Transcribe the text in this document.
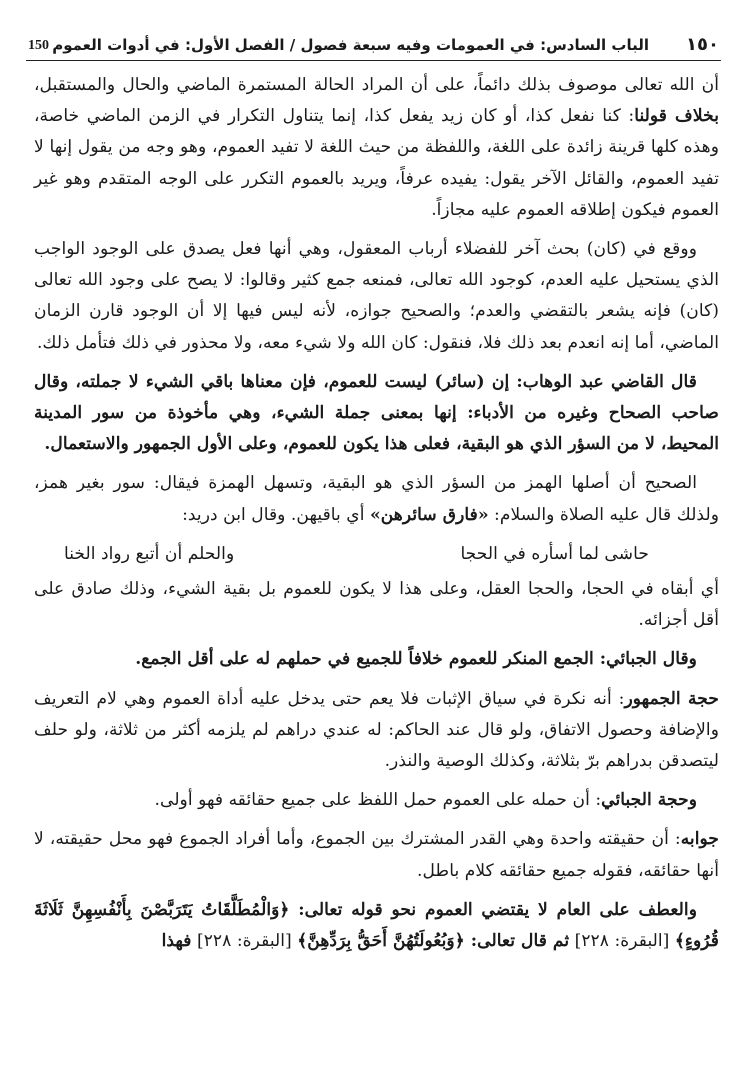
١٥٠
الباب السادس: في العمومات وفيه سبعة فصول / الفصل الأول: في أدوات العموم
150

أن الله تعالى موصوف بذلك دائماً، على أن المراد الحالة المستمرة الماضي والحال والمستقبل، بخلاف قولنا: كنا نفعل كذا، أو كان زيد يفعل كذا، إنما يتناول التكرار في الزمن الماضي خاصة، وهذه كلها قرينة زائدة على اللغة، واللفظة من حيث اللغة لا تفيد العموم، وهو وجه من يقول إنها لا تفيد العموم، والقائل الآخر يقول: يفيده عرفاً، ويريد بالعموم التكرر على الوجه المتقدم وهو غير العموم فيكون إطلاقه العموم عليه مجازاً.

ووقع في (كان) بحث آخر للفضلاء أرباب المعقول، وهي أنها فعل يصدق على الوجود الواجب الذي يستحيل عليه العدم، كوجود الله تعالى، فمنعه جمع كثير وقالوا: لا يصح على وجود الله تعالى (كان) فإنه يشعر بالتقضي والعدم؛ والصحيح جوازه، لأنه ليس فيها إلا أن الوجود قارن الزمان الماضي، أما إنه انعدم بعد ذلك فلا، فنقول: كان الله ولا شيء معه، ولا محذور في ذلك فتأمل ذلك.

قال القاضي عبد الوهاب: إن (سائر) ليست للعموم، فإن معناها باقي الشيء لا جملته، وقال صاحب الصحاح وغيره من الأدباء: إنها بمعنى جملة الشيء، وهي مأخوذة من سور المدينة المحيط، لا من السؤر الذي هو البقية، فعلى هذا يكون للعموم، وعلى الأول الجمهور والاستعمال.

الصحيح أن أصلها الهمز من السؤر الذي هو البقية، وتسهل الهمزة فيقال: سور بغير همز، ولذلك قال عليه الصلاة والسلام: «فارق سائرهن» أي باقيهن. وقال ابن دريد:

حاشى لما أسأره في الحجا
والحلم أن أتبع رواد الخنا

أي أبقاه في الحجا، والحجا العقل، وعلى هذا لا يكون للعموم بل بقية الشيء، وذلك صادق على أقل أجزائه.

وقال الجبائي: الجمع المنكر للعموم خلافاً للجميع في حملهم له على أقل الجمع.

حجة الجمهور: أنه نكرة في سياق الإثبات فلا يعم حتى يدخل عليه أداة العموم وهي لام التعريف والإضافة وحصول الاتفاق، ولو قال عند الحاكم: له عندي دراهم لم يلزمه أكثر من ثلاثة، ولو حلف ليتصدقن بدراهم برّ بثلاثة، وكذلك الوصية والنذر.

وحجة الجبائي: أن حمله على العموم حمل اللفظ على جميع حقائقه فهو أولى.

جوابه: أن حقيقته واحدة وهي القدر المشترك بين الجموع، وأما أفراد الجموع فهو محل حقيقته، لا أنها حقائقه، فقوله جميع حقائقه كلام باطل.

والعطف على العام لا يقتضي العموم نحو قوله تعالى: ﴿وَالْمُطَلَّقَاتُ يَتَرَبَّصْنَ بِأَنْفُسِهِنَّ ثَلَاثَةَ قُرُوءٍ﴾ [البقرة: ٢٢٨] ثم قال تعالى: ﴿وَبُعُولَتُهُنَّ أَحَقُّ بِرَدِّهِنَّ﴾ [البقرة: ٢٢٨] فهذا
